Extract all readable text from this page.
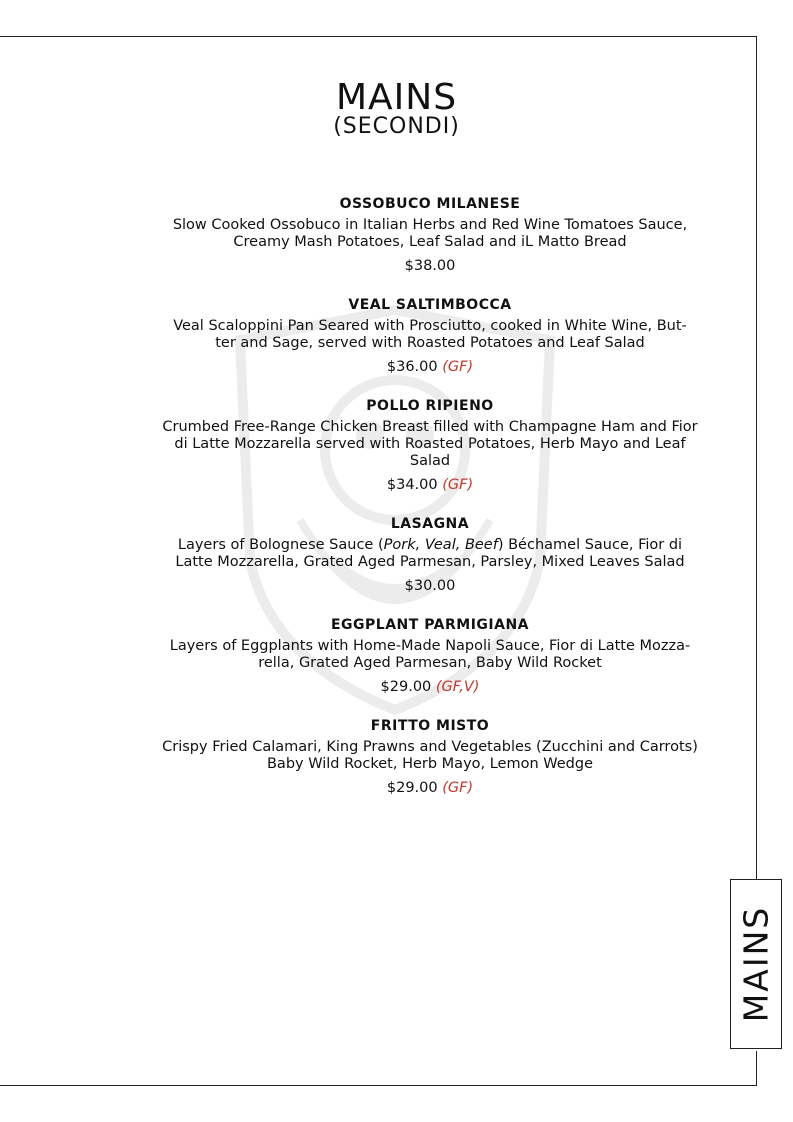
MAINS
(SECONDI)
OSSOBUCO MILANESE
Slow Cooked Ossobuco in Italian Herbs and Red Wine Tomatoes Sauce,
Creamy Mash Potatoes, Leaf Salad and iL Matto Bread
$38.00
VEAL SALTIMBOCCA
Veal Scaloppini Pan Seared with Prosciutto, cooked in White Wine, But-
ter and Sage, served with Roasted Potatoes and Leaf Salad
$36.00 (GF)
POLLO RIPIENO
Crumbed Free-Range Chicken Breast filled with Champagne Ham and Fior
di Latte Mozzarella served with Roasted Potatoes, Herb Mayo and Leaf
Salad
$34.00 (GF)
LASAGNA
Layers of Bolognese Sauce (Pork, Veal, Beef) Béchamel Sauce, Fior di
Latte Mozzarella, Grated Aged Parmesan, Parsley, Mixed Leaves Salad
$30.00
EGGPLANT PARMIGIANA
Layers of Eggplants with Home-Made Napoli Sauce, Fior di Latte Mozza-
rella, Grated Aged Parmesan, Baby Wild Rocket
$29.00 (GF,V)
FRITTO MISTO
Crispy Fried Calamari, King Prawns and Vegetables (Zucchini and Carrots)
Baby Wild Rocket, Herb Mayo, Lemon Wedge
$29.00 (GF)
MAINS
